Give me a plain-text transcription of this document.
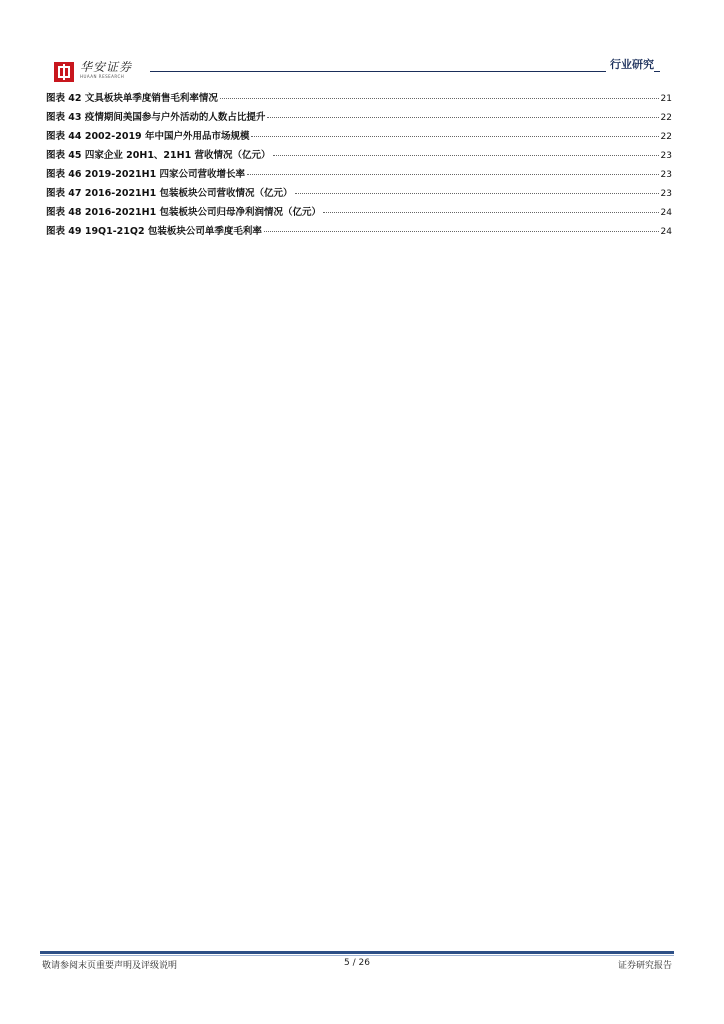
华安证券
HUAAN RESEARCH
行业研究
图表 42 文具板块单季度销售毛利率情况	21
图表 43 疫情期间美国参与户外活动的人数占比提升	22
图表 44 2002-2019 年中国户外用品市场规模	22
图表 45 四家企业 20H1、21H1 营收情况（亿元）	23
图表 46 2019-2021H1 四家公司营收增长率	23
图表 47 2016-2021H1 包装板块公司营收情况（亿元）	23
图表 48 2016-2021H1 包装板块公司归母净利润情况（亿元）	24
图表 49 19Q1-21Q2 包装板块公司单季度毛利率	24
敬请参阅末页重要声明及评级说明	5 / 26	证券研究报告
